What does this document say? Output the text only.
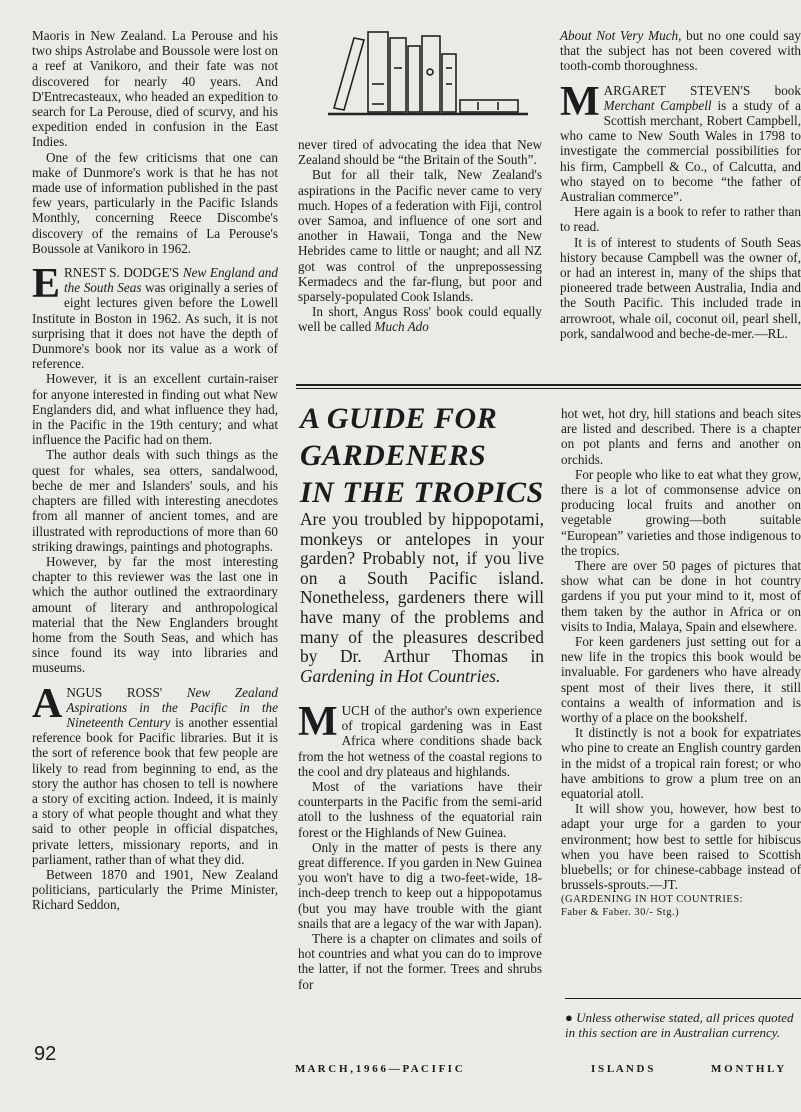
Maoris in New Zealand. La Perouse and his two ships Astrolabe and Boussole were lost on a reef at Vanikoro, and their fate was not discovered for nearly 40 years. And D'Entrecasteaux, who headed an expedition to search for La Perouse, died of scurvy, and his expedition ended in confusion in the East Indies.

One of the few criticisms that one can make of Dunmore's work is that he has not made use of information published in the past few years, particularly in the Pacific Islands Monthly, concerning Reece Discombe's discovery of the remains of La Perouse's Boussole at Vanikoro in 1962.

ERNEST S. DODGE'S New England and the South Seas was originally a series of eight lectures given before the Lowell Institute in Boston in 1962. As such, it is not surprising that it does not have the depth of Dunmore's book nor its value as a work of reference.

However, it is an excellent curtain-raiser for anyone interested in finding out what New Englanders did, and what influence they had, in the Pacific in the 19th century; and what influence the Pacific had on them.

The author deals with such things as the quest for whales, sea otters, sandalwood, beche de mer and Islanders' souls, and his chapters are filled with interesting anecdotes from all manner of ancient tomes, and are illustrated with reproductions of more than 60 striking drawings, paintings and photographs.

However, by far the most interesting chapter to this reviewer was the last one in which the author outlined the extraordinary amount of literary and anthropological material that the New Englanders brought home from the South Seas, and which has since found its way into libraries and museums.

ANGUS ROSS' New Zealand Aspirations in the Pacific in the Nineteenth Century is another essential reference book for Pacific libraries. But it is the sort of reference book that few people are likely to read from beginning to end, as the story the author has chosen to tell is nowhere a story of exciting action. Indeed, it is mainly a story of what people thought and what they said to other people in official dispatches, private letters, missionary reports, and in parliament, rather than of what they did.

Between 1870 and 1901, New Zealand politicians, particularly the Prime Minister, Richard Seddon,

never tired of advocating the idea that New Zealand should be “the Britain of the South”.

But for all their talk, New Zealand's aspirations in the Pacific never came to very much. Hopes of a federation with Fiji, control over Samoa, and influence of one sort and another in Hawaii, Tonga and the New Hebrides came to little or naught; and all NZ got was control of the unprepossessing Kermadecs and the far-flung, but poor and sparsely-populated Cook Islands.

In short, Angus Ross' book could equally well be called Much Ado

About Not Very Much, but no one could say that the subject has not been covered with tooth-comb thoroughness.

MARGARET STEVEN'S book Merchant Campbell is a study of a Scottish merchant, Robert Campbell, who came to New South Wales in 1798 to investigate the commercial possibilities for his firm, Campbell & Co., of Calcutta, and who stayed on to become “the father of Australian commerce”.

Here again is a book to refer to rather than to read.

It is of interest to students of South Seas history because Campbell was the owner of, or had an interest in, many of the ships that pioneered trade between Australia, India and the South Pacific. This included trade in arrowroot, whale oil, coconut oil, pearl shell, pork, sandalwood and beche-de-mer.—RL.

A GUIDE FOR
GARDENERS
IN THE TROPICS
Are you troubled by hippopotami, monkeys or antelopes in your garden? Probably not, if you live on a South Pacific island. Nonetheless, gardeners there will have many of the problems and many of the pleasures described by Dr. Arthur Thomas in Gardening in Hot Countries.

MUCH of the author's own experience of tropical gardening was in East Africa where conditions shade back from the hot wetness of the coastal regions to the cool and dry plateaus and highlands.

Most of the variations have their counterparts in the Pacific from the semi-arid atoll to the lushness of the equatorial rain forest or the Highlands of New Guinea.

Only in the matter of pests is there any great difference. If you garden in New Guinea you won't have to dig a two-feet-wide, 18-inch-deep trench to keep out a hippopotamus (but you may have trouble with the giant snails that are a legacy of the war with Japan).

There is a chapter on climates and soils of hot countries and what you can do to improve the latter, if not the former. Trees and shrubs for

hot wet, hot dry, hill stations and beach sites are listed and described. There is a chapter on pot plants and ferns and another on orchids.

For people who like to eat what they grow, there is a lot of commonsense advice on producing local fruits and another on vegetable growing—both suitable “European” varieties and those indigenous to the tropics.

There are over 50 pages of pictures that show what can be done in hot country gardens if you put your mind to it, most of them taken by the author in Africa or on visits to India, Malaya, Spain and elsewhere.

For keen gardeners just setting out for a new life in the tropics this book would be invaluable. For gardeners who have already spent most of their lives there, it still contains a wealth of information and is worthy of a place on the bookshelf.

It distinctly is not a book for expatriates who pine to create an English country garden in the midst of a tropical rain forest; or who have ambitions to grow a plum tree on an equatorial atoll.

It will show you, however, how best to adapt your urge for a garden to your environment; how best to settle for hibiscus when you have been raised to Scottish bluebells; or for chinese-cabbage instead of brussels-sprouts.—JT.

(GARDENING IN HOT COUNTRIES:
Faber & Faber. 30/- Stg.)

● Unless otherwise stated, all prices quoted in this section are in Australian currency.
92
M A R C H , 1 9 6 6 — P A C I F I C	I S L A N D S	M O N T H L Y
